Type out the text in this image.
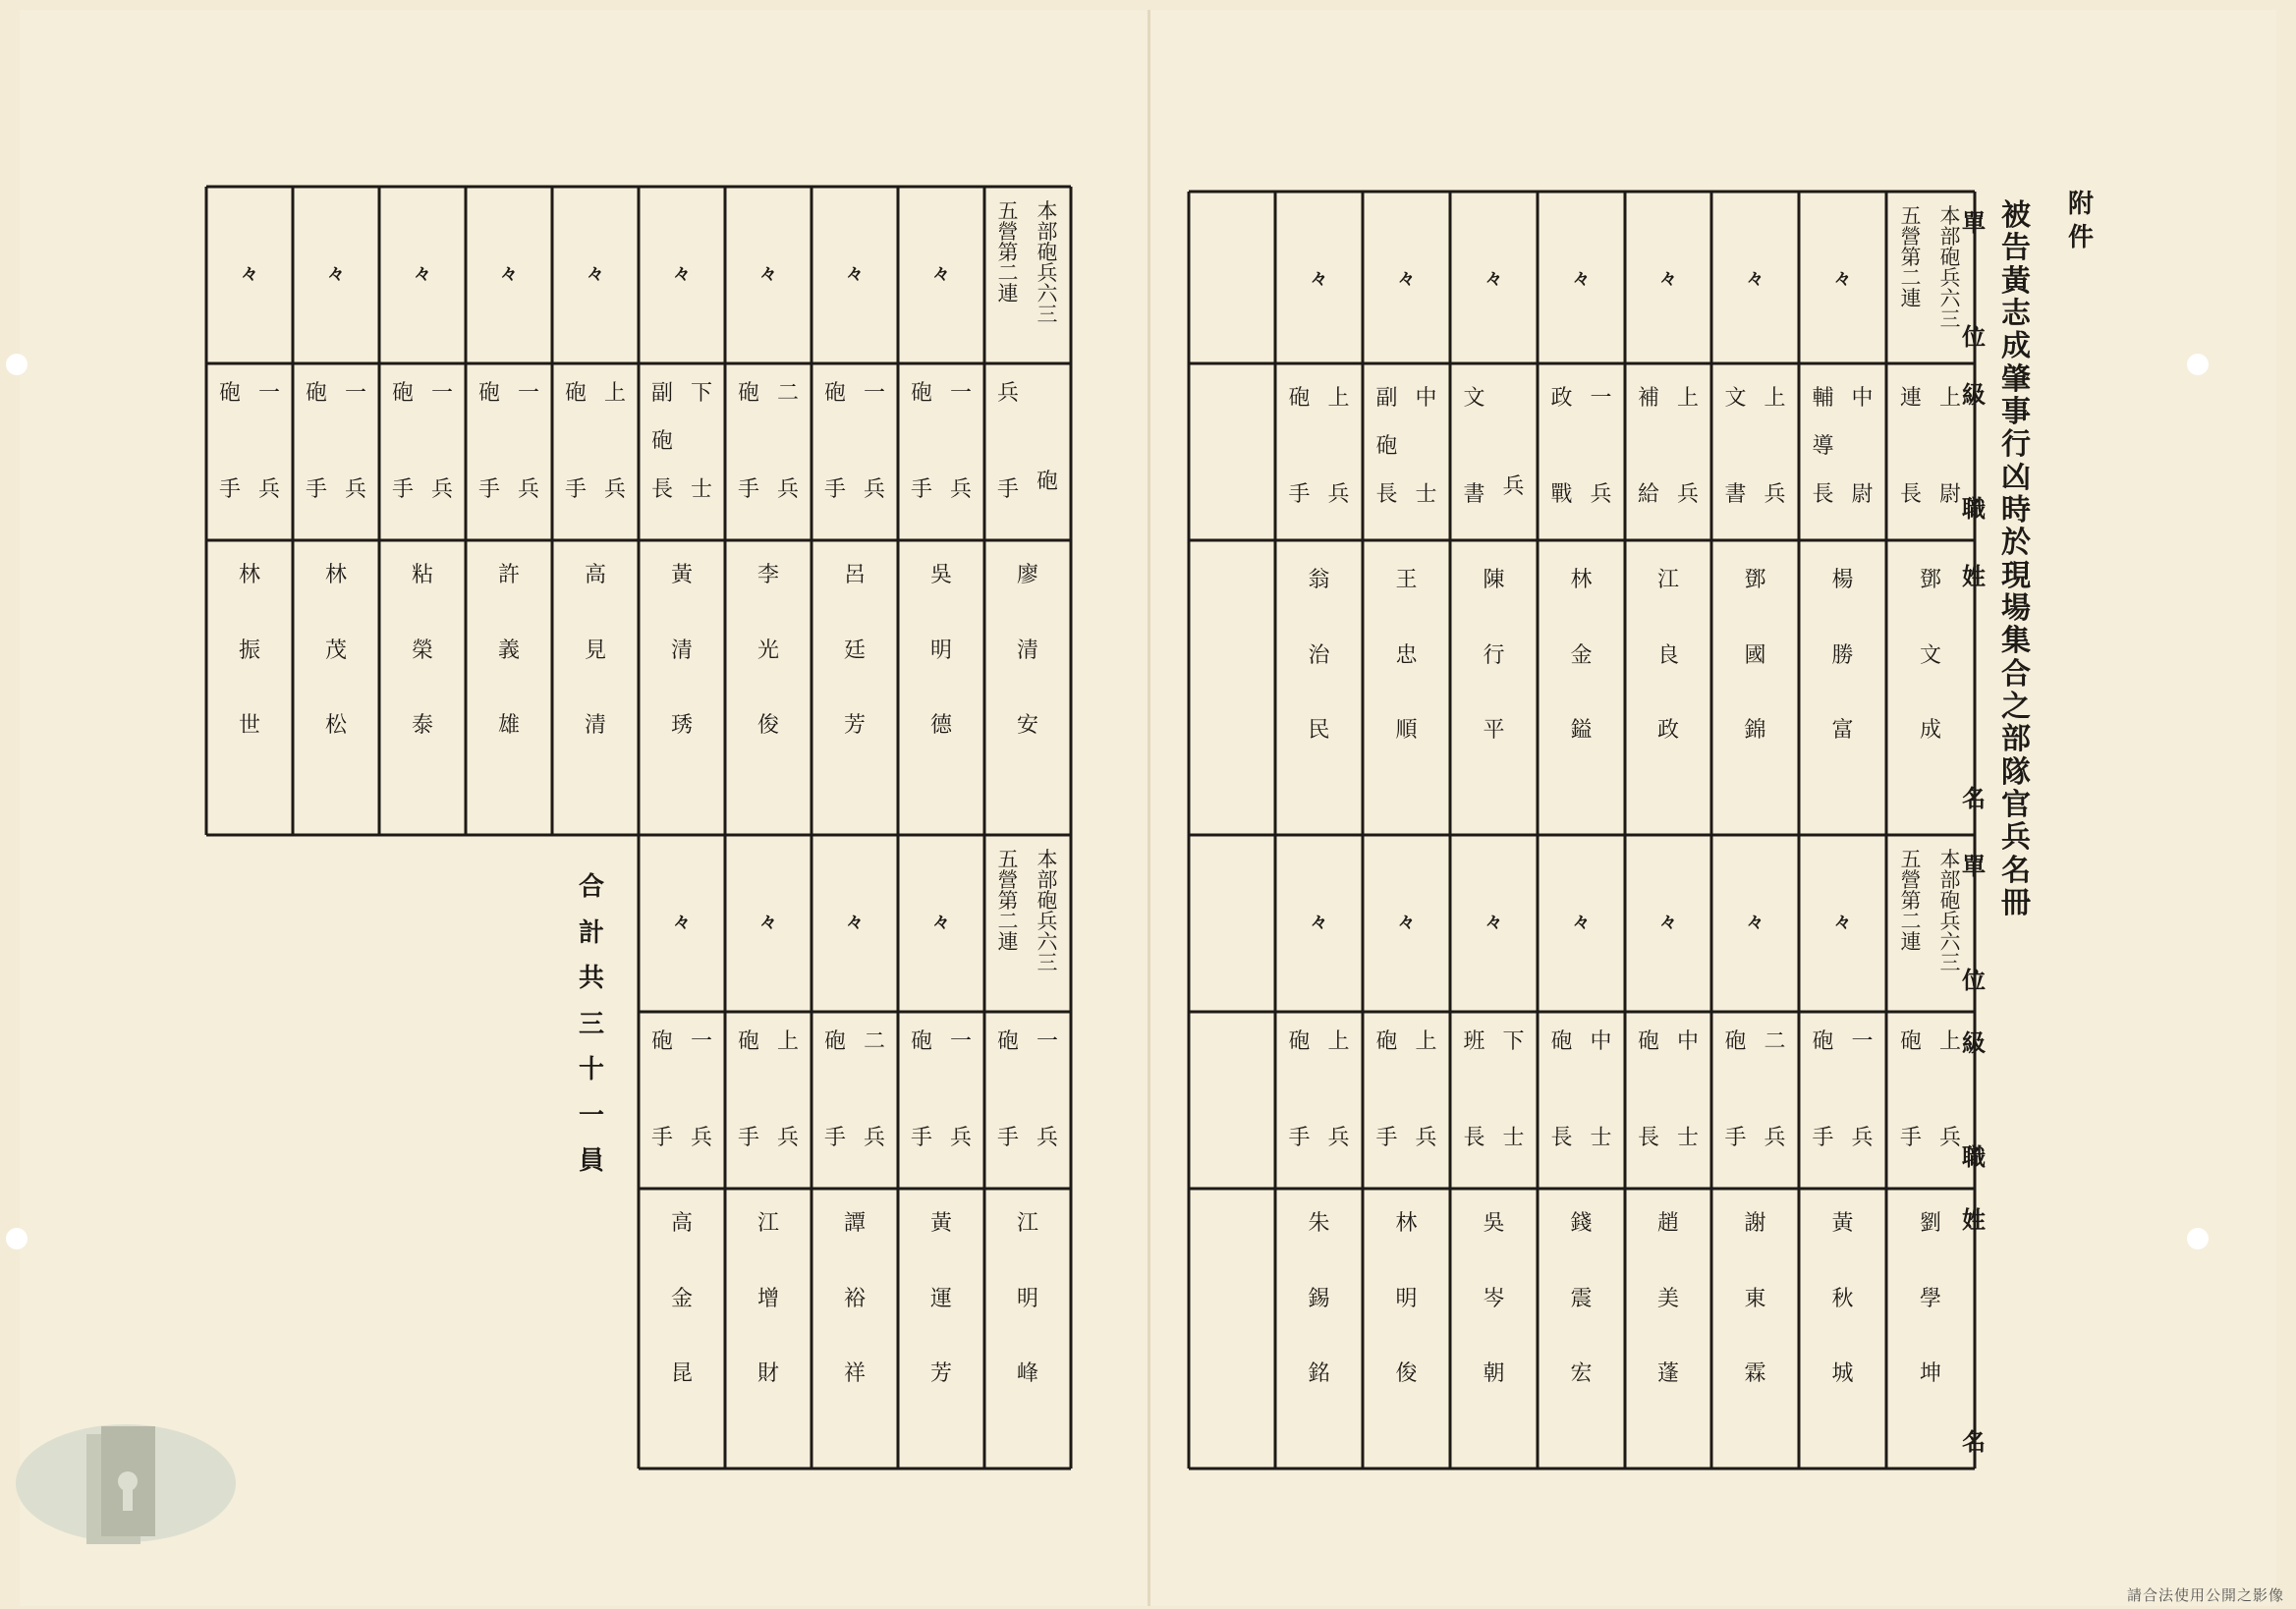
附
件
被
告
黃
志
成
肇
事
行
凶
時
於
現
場
集
合
之
部
隊
官
兵
名
冊
單
位
級
職
姓
名
單
位
級
職
姓
名
本
部
砲
兵
六
三
五
營
第
二
連
上
尉
連
長
鄧
文
成
々
中
尉
輔
導
長
楊
勝
富
々
上
兵
文
書
鄧
國
錦
々
上
兵
補
給
江
良
政
々
一
兵
政
戰
林
金
鎰
々
兵
文
書
陳
行
平
々
中
士
副
砲
長
王
忠
順
々
上
兵
砲
手
翁
治
民
本
部
砲
兵
六
三
五
營
第
二
連
上
兵
砲
手
劉
學
坤
々
一
兵
砲
手
黃
秋
城
々
二
兵
砲
手
謝
東
霖
々
中
士
砲
長
趙
美
蓬
々
中
士
砲
長
錢
震
宏
々
下
士
班
長
吳
岑
朝
々
上
兵
砲
手
林
明
俊
々
上
兵
砲
手
朱
錫
銘
本
部
砲
兵
六
三
五
營
第
二
連
砲
兵
手
廖
清
安
々
一
兵
砲
手
吳
明
德
々
一
兵
砲
手
呂
廷
芳
々
二
兵
砲
手
李
光
俊
々
下
士
副
砲
長
黃
清
琇
々
上
兵
砲
手
高
見
清
々
一
兵
砲
手
許
義
雄
々
一
兵
砲
手
粘
榮
泰
々
一
兵
砲
手
林
茂
松
々
一
兵
砲
手
林
振
世
本
部
砲
兵
六
三
五
營
第
二
連
一
兵
砲
手
江
明
峰
々
一
兵
砲
手
黃
運
芳
々
二
兵
砲
手
譚
裕
祥
々
上
兵
砲
手
江
增
財
々
一
兵
砲
手
高
金
昆
合
計
共
三
十
一
員
請合法使用公開之影像
